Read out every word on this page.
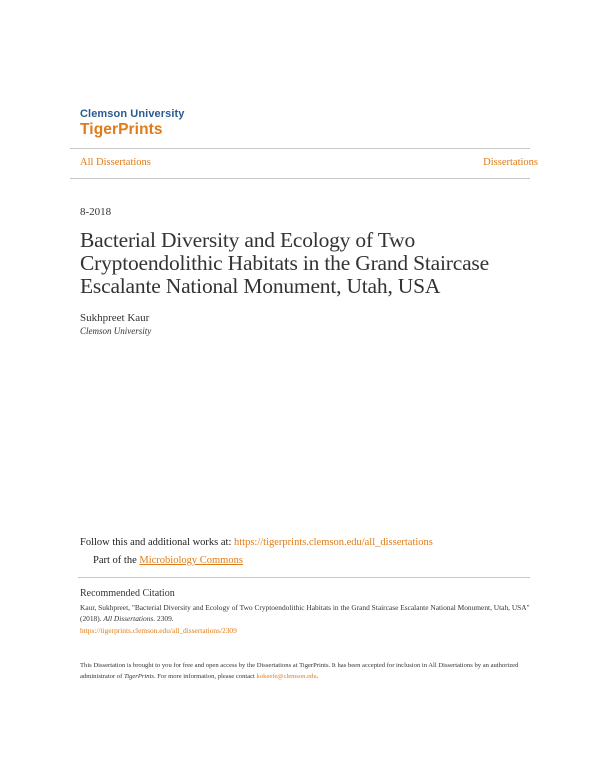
Clemson University
TigerPrints
All Dissertations	Dissertations
8-2018
Bacterial Diversity and Ecology of Two
Cryptoendolithic Habitats in the Grand Staircase
Escalante National Monument, Utah, USA
Sukhpreet Kaur
Clemson University
Follow this and additional works at: https://tigerprints.clemson.edu/all_dissertations
Part of the Microbiology Commons
Recommended Citation
Kaur, Sukhpreet, "Bacterial Diversity and Ecology of Two Cryptoendolithic Habitats in the Grand Staircase Escalante National Monument, Utah, USA" (2018). All Dissertations. 2309.
https://tigerprints.clemson.edu/all_dissertations/2309
This Dissertation is brought to you for free and open access by the Dissertations at TigerPrints. It has been accepted for inclusion in All Dissertations by an authorized administrator of TigerPrints. For more information, please contact kokeefe@clemson.edu.
